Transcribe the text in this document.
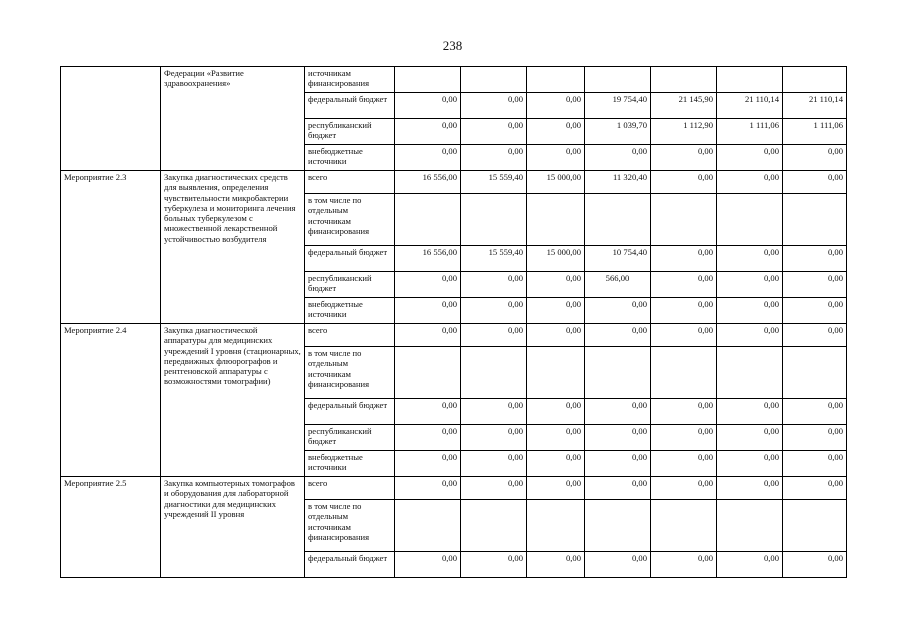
238
	Федерации «Развитие здравоохранения»	источникам финансирования							
		федеральный бюджет	0,00	0,00	0,00	19 754,40	21 145,90	21 110,14	21 110,14
		республиканский бюджет	0,00	0,00	0,00	1 039,70	1 112,90	1 111,06	1 111,06
		внебюджетные источники	0,00	0,00	0,00	0,00	0,00	0,00	0,00
Мероприятие 2.3	Закупка диагностических средств для выявления, определения чувствительности микробактерии туберкулеза и мониторинга лечения больных туберкулезом с множественной лекарственной устойчивостью возбудителя	всего	16 556,00	15 559,40	15 000,00	11 320,40	0,00	0,00	0,00
		в том числе по отдельным источникам финансирования							
		федеральный бюджет	16 556,00	15 559,40	15 000,00	10 754,40	0,00	0,00	0,00
		республиканский бюджет	0,00	0,00	0,00	566,00	0,00	0,00	0,00
		внебюджетные источники	0,00	0,00	0,00	0,00	0,00	0,00	0,00
Мероприятие 2.4	Закупка диагностической аппаратуры для медицинских учреждений I уровня (стационарных, передвижных флюорографов и рентгеновской аппаратуры с возможностями томографии)	всего	0,00	0,00	0,00	0,00	0,00	0,00	0,00
		в том числе по отдельным источникам финансирования							
		федеральный бюджет	0,00	0,00	0,00	0,00	0,00	0,00	0,00
		республиканский бюджет	0,00	0,00	0,00	0,00	0,00	0,00	0,00
		внебюджетные источники	0,00	0,00	0,00	0,00	0,00	0,00	0,00
Мероприятие 2.5	Закупка компьютерных томографов и оборудования для лабораторной диагностики для медицинских учреждений II уровня	всего	0,00	0,00	0,00	0,00	0,00	0,00	0,00
		в том числе по отдельным источникам финансирования							
		федеральный бюджет	0,00	0,00	0,00	0,00	0,00	0,00	0,00
